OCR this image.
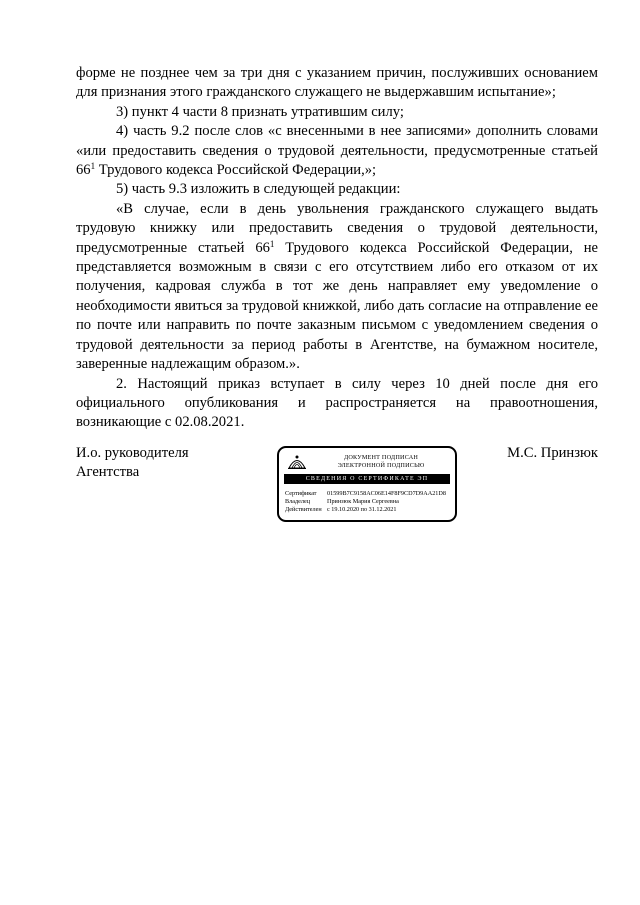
форме не позднее чем за три дня с указанием причин, послуживших основанием для признания этого гражданского служащего не выдержавшим испытание»;

3) пункт 4 части 8 признать утратившим силу;

4) часть 9.2 после слов «с внесенными в нее записями» дополнить словами «или предоставить сведения о трудовой деятельности, предусмотренные статьей $66^1$ Трудового кодекса Российской Федерации,»;

5) часть 9.3 изложить в следующей редакции:

«В случае, если в день увольнения гражданского служащего выдать трудовую книжку или предоставить сведения о трудовой деятельности, предусмотренные статьей $66^1$ Трудового кодекса Российской Федерации, не представляется возможным в связи с его отсутствием либо его отказом от их получения, кадровая служба в тот же день направляет ему уведомление о необходимости явиться за трудовой книжкой, либо дать согласие на отправление ее по почте или направить по почте заказным письмом с уведомлением сведения о трудовой деятельности за период работы в Агентстве, на бумажном носителе, заверенные надлежащим образом.».

2. Настоящий приказ вступает в силу через 10 дней после дня его официального опубликования и распространяется на правоотношения, возникающие с 02.08.2021.

И.о. руководителя
Агентства
ДОКУМЕНТ ПОДПИСАН
ЭЛЕКТРОННОЙ ПОДПИСЬЮ
СВЕДЕНИЯ О СЕРТИФИКАТЕ ЭП
Сертификат	01599B7C9158AC06E14F8F9CD7D9AA21D8
Владелец	Принзюк Мария Сергеевна
Действителен с 19.10.2020 по 31.12.2021
М.С. Принзюк
